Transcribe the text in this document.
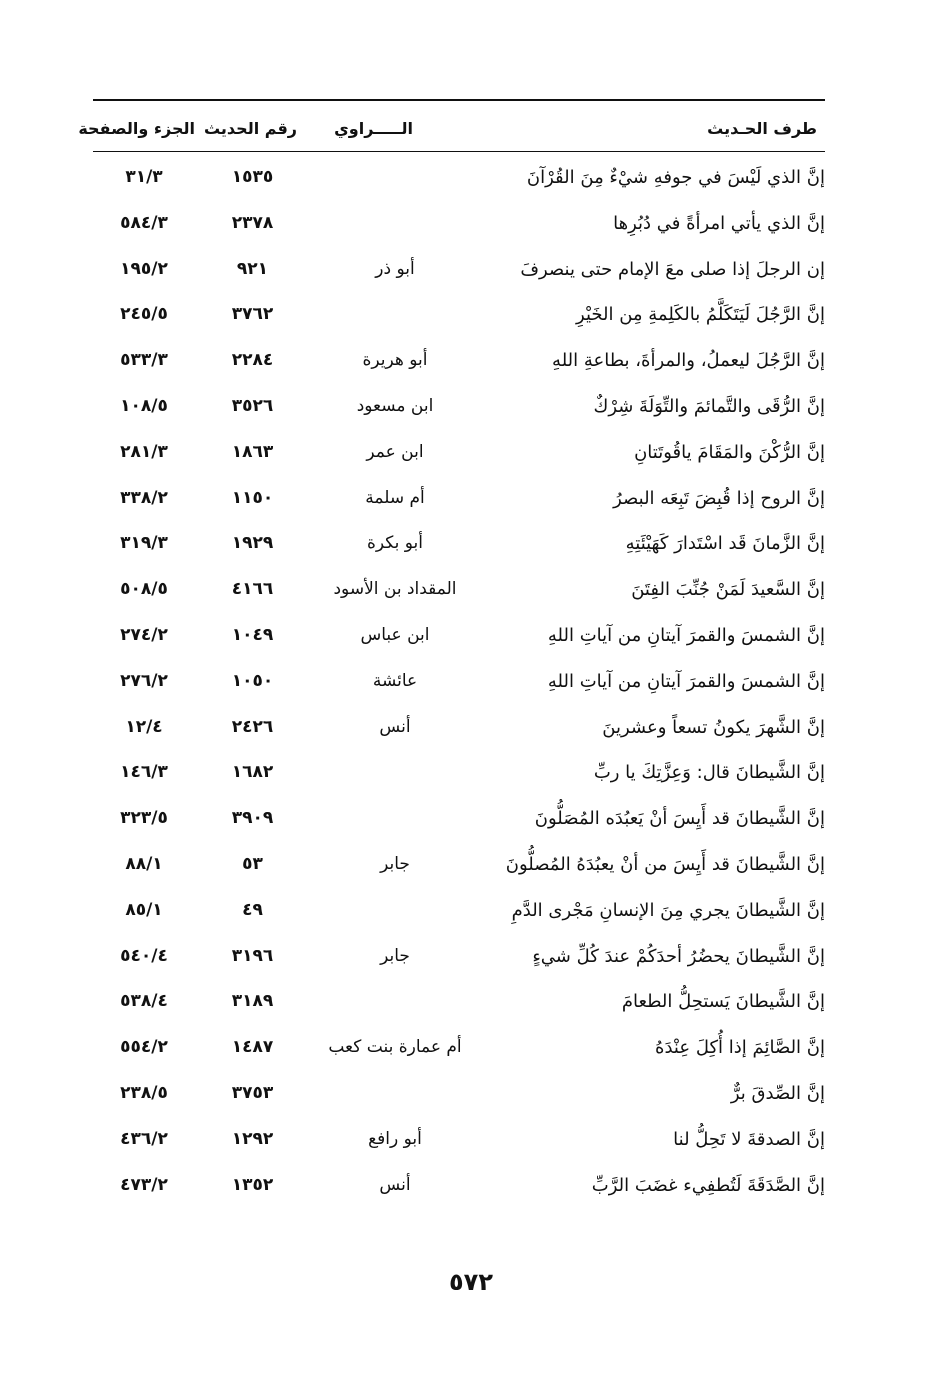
طرف الحـديث
الـــــراوي
رقم الحديث
الجزء والصفحة
إنَّ الذي لَيْسَ في جوفهِ شيْءٌ مِنَ القُرْآنَ
١٥٣٥
٣١/٣
إنَّ الذي يأتي امرأةً في دُبُرِها
٢٣٧٨
٥٨٤/٣
إن الرجلَ إذا صلى معَ الإمام حتى ينصرفَ
أبو ذر
٩٢١
١٩٥/٢
إنَّ الرَّجُلَ لَيَتَكَلَّمُ بالكَلِمةِ مِن الخَيْرِ
٣٧٦٢
٢٤٥/٥
إنَّ الرَّجُلَ ليعملُ، والمرأةَ، بطاعةِ اللهِ
أبو هريرة
٢٢٨٤
٥٣٣/٣
إنَّ الرُّقَى والتَّمائمَ والتِّوَلَةَ شِرْكٌ
ابن مسعود
٣٥٢٦
١٠٨/٥
إنَّ الرُّكْنَ والمَقَامَ ياقُوتَتانِ
ابن عمر
١٨٦٣
٢٨١/٣
إنَّ الروح إذا قُبِضَ تَبِعَه البصرُ
أم سلمة
١١٥٠
٣٣٨/٢
إنَّ الزَّمانَ قَد اسْتَدارَ كَهَيْئَتِهِ
أبو بكرة
١٩٢٩
٣١٩/٣
إنَّ السَّعيدَ لَمَنْ جُنِّبَ الفِتَنَ
المقداد بن الأسود
٤١٦٦
٥٠٨/٥
إنَّ الشمسَ والقمرَ آيتانِ من آياتِ اللهِ
ابن عباس
١٠٤٩
٢٧٤/٢
إنَّ الشمسَ والقمرَ آيتانِ من آياتِ اللهِ
عائشة
١٠٥٠
٢٧٦/٢
إنَّ الشَّهرَ يكونُ تسعاً وعشرينَ
أنس
٢٤٢٦
١٢/٤
إنَّ الشَّيطانَ قال: وَعِزَّتِكَ يا ربِّ
١٦٨٢
١٤٦/٣
إنَّ الشَّيطانَ قد أَيِسَ أنْ يَعبُدَه المُصَلُّونَ
٣٩٠٩
٣٢٣/٥
إنَّ الشَّيطانَ قد أَيِسَ من أنْ يعبُدَهُ المُصلُّونَ
جابر
٥٣
٨٨/١
إنَّ الشَّيطانَ يجري مِنَ الإنسانِ مَجْرى الدَّمِ
٤٩
٨٥/١
إنَّ الشَّيطانَ يحضُرُ أحدَكُمْ عندَ كُلِّ شيءٍ
جابر
٣١٩٦
٥٤٠/٤
إنَّ الشَّيطانَ يَستحِلُّ الطعامَ
٣١٨٩
٥٣٨/٤
إنَّ الصَّائِمَ إذا أُكِلَ عِنْدَهُ
أم عمارة بنت كعب
١٤٨٧
٥٥٤/٢
إنَّ الصِّدقَ برٌّ
٣٧٥٣
٢٣٨/٥
إنَّ الصدقةَ لا تَحِلُّ لنا
أبو رافع
١٢٩٢
٤٣٦/٢
إنَّ الصَّدَقَةَ لَتُطفِيء غضَبَ الرَّبِّ
أنس
١٣٥٢
٤٧٣/٢
٥٧٢
